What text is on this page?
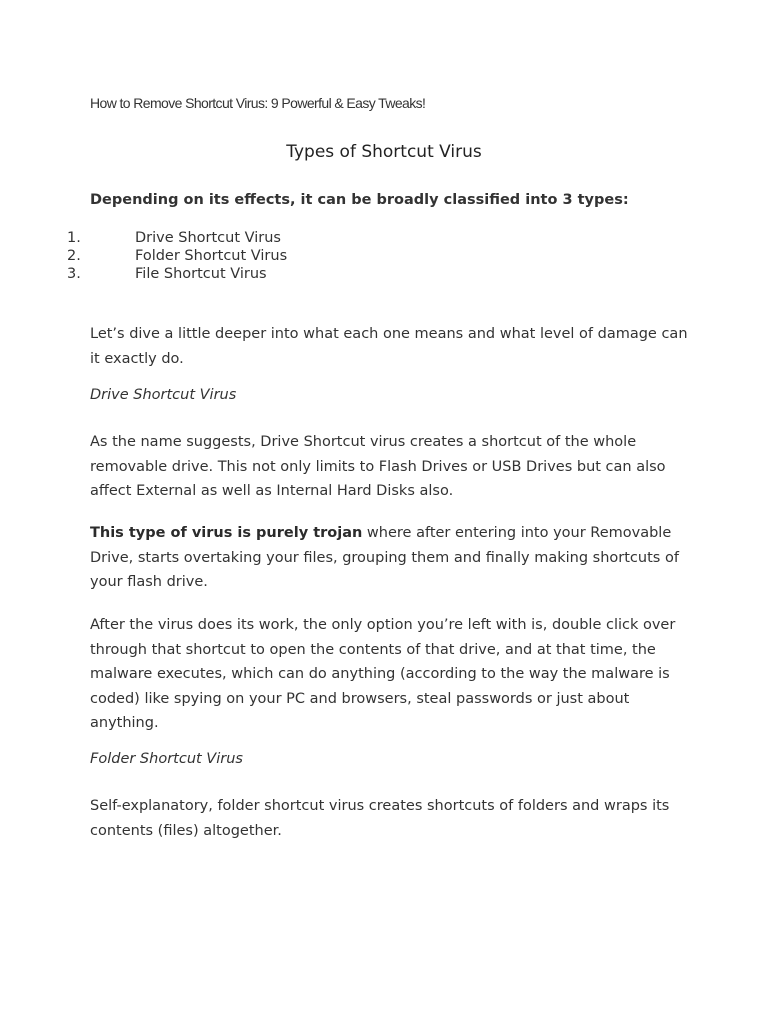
How to Remove Shortcut Virus: 9 Powerful & Easy Tweaks!
Types of Shortcut Virus
Depending on its effects, it can be broadly classified into 3 types:
1.	Drive Shortcut Virus
2.	Folder Shortcut Virus
3.	File Shortcut Virus

Let’s dive a little deeper into what each one means and what level of damage can it exactly do.

Drive Shortcut Virus

As the name suggests, Drive Shortcut virus creates a shortcut of the whole removable drive. This not only limits to Flash Drives or USB Drives but can also affect External as well as Internal Hard Disks also.

This type of virus is purely trojan where after entering into your Removable Drive, starts overtaking your files, grouping them and finally making shortcuts of your flash drive.

After the virus does its work, the only option you’re left with is, double click over through that shortcut to open the contents of that drive, and at that time, the malware executes, which can do anything (according to the way the malware is coded) like spying on your PC and browsers, steal passwords or just about anything.

Folder Shortcut Virus

Self-explanatory, folder shortcut virus creates shortcuts of folders and wraps its contents (files) altogether.
